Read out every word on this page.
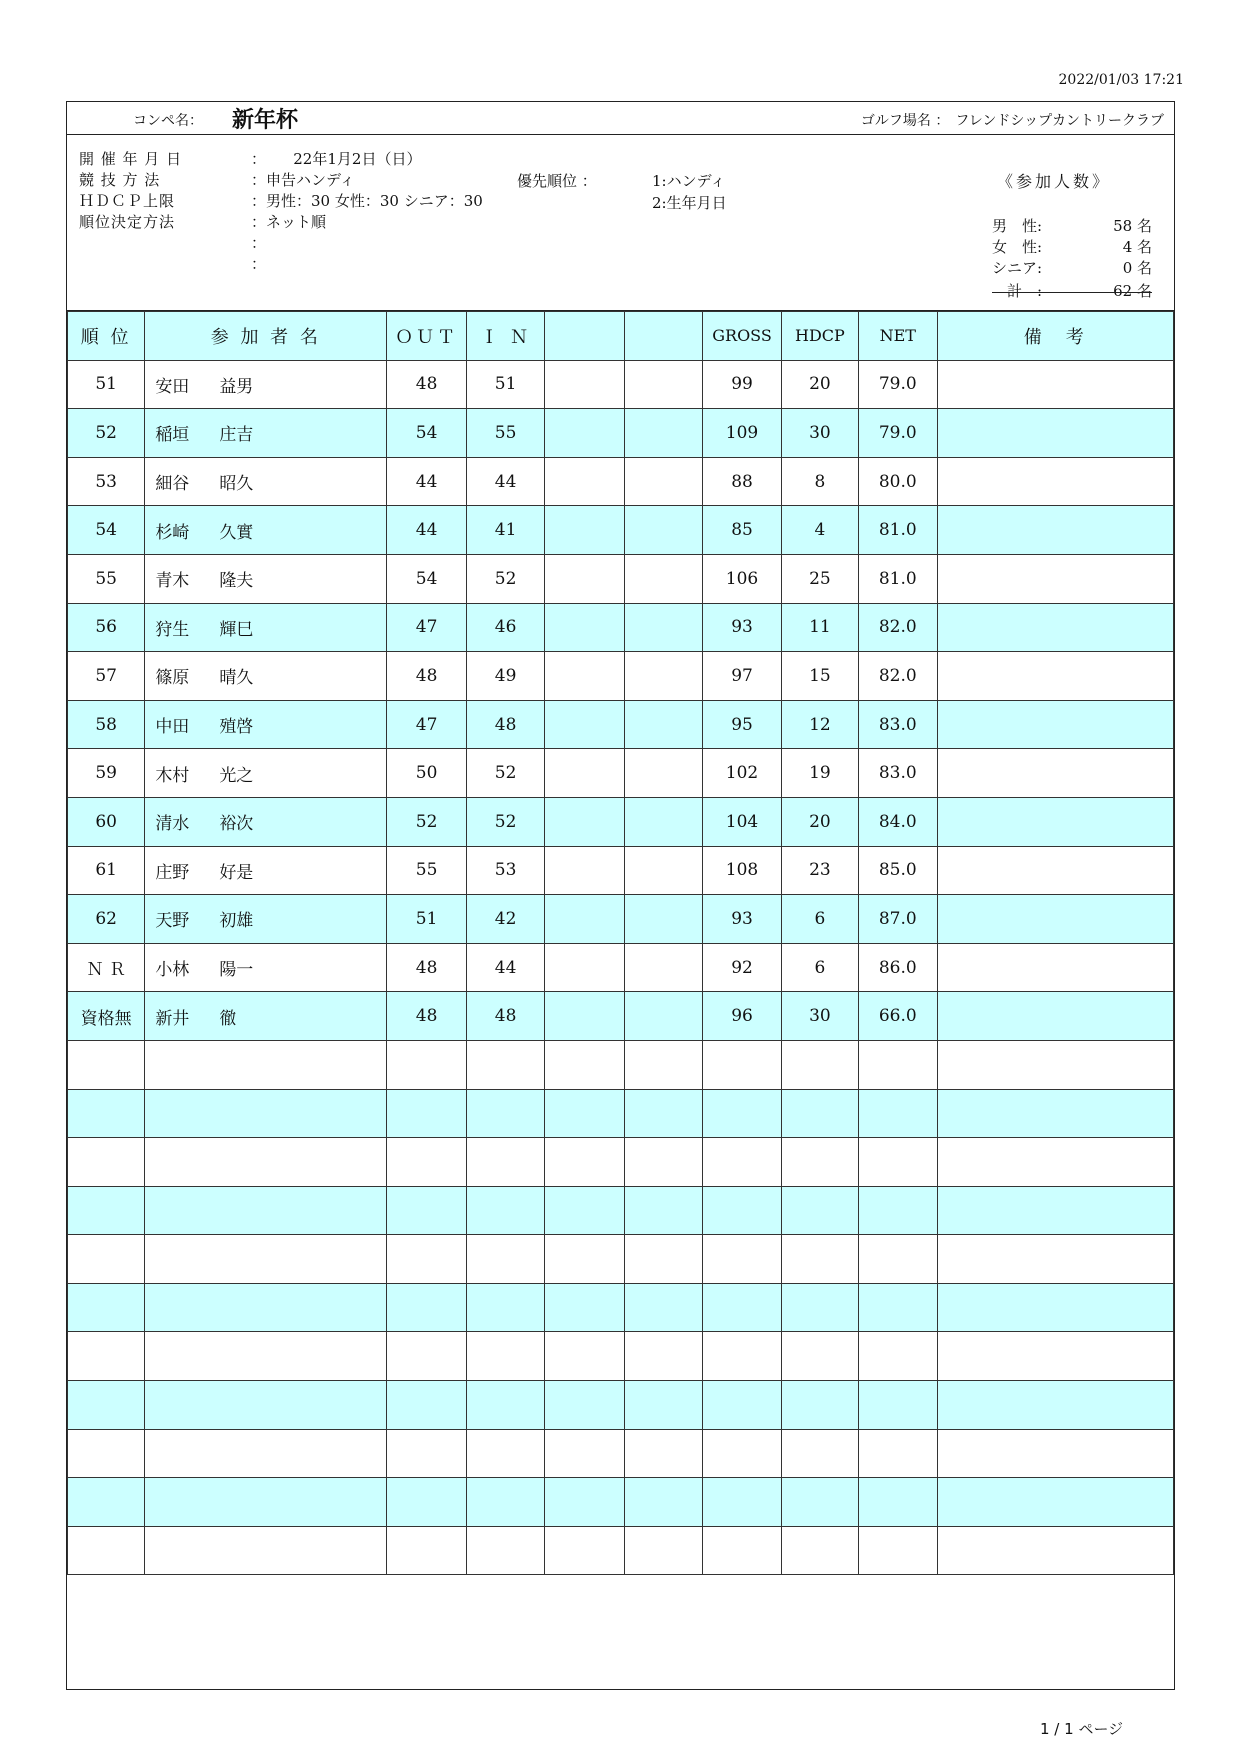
2022/01/03 17:21
コンペ名： 新年杯	ゴルフ場名 ： フレンドシップカントリークラブ
開 催 年 月 日	：　　 22年1月2日（日）
競 技 方 法	：申告ハンディ
ＨＤＣＰ上限	：男性：30 女性：30 シニア：30
順位決定方法	：ネット順
：
：
優先順位 ：	1:ハンディ
2:生年月日
《参加人数》
男　性:	58 名
女　性:	4 名
シニア:	0 名
　計　:	62 名
順 位	参 加 者 名	ＯＵＴ	Ｉ Ｎ			GROSS	HDCP	NET	備　考
51	安田 益男	48	51			99	20	79.0	
52	稲垣 庄吉	54	55			109	30	79.0	
53	細谷 昭久	44	44			88	8	80.0	
54	杉崎 久實	44	41			85	4	81.0	
55	青木 隆夫	54	52			106	25	81.0	
56	狩生 輝巳	47	46			93	11	82.0	
57	篠原 晴久	48	49			97	15	82.0	
58	中田 殖啓	47	48			95	12	83.0	
59	木村 光之	50	52			102	19	83.0	
60	清水 裕次	52	52			104	20	84.0	
61	庄野 好是	55	53			108	23	85.0	
62	天野 初雄	51	42			93	6	87.0	
Ｎ Ｒ	小林 陽一	48	44			92	6	86.0	
資格無	新井 徹	48	48			96	30	66.0	

1 / 1 ページ
